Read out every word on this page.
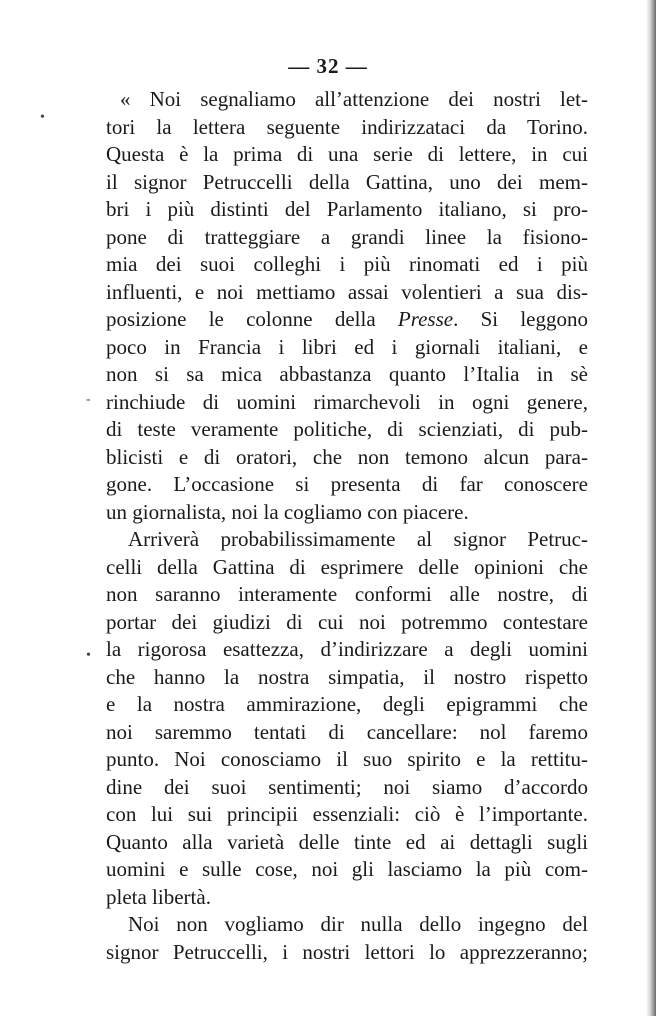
— 32 —
« Noi segnaliamo all’attenzione dei nostri let-
tori la lettera seguente indirizzataci da Torino.
Questa è la prima di una serie di lettere, in cui
il signor Petruccelli della Gattina, uno dei mem-
bri i più distinti del Parlamento italiano, si pro-
pone di tratteggiare a grandi linee la fisiono-
mia dei suoi colleghi i più rinomati ed i più
influenti, e noi mettiamo assai volentieri a sua dis-
posizione le colonne della Presse. Si leggono
poco in Francia i libri ed i giornali italiani, e
non si sa mica abbastanza quanto l’Italia in sè
rinchiude di uomini rimarchevoli in ogni genere,
di teste veramente politiche, di scienziati, di pub-
blicisti e di oratori, che non temono alcun para-
gone. L’occasione si presenta di far conoscere
un giornalista, noi la cogliamo con piacere.
Arriverà probabilissimamente al signor Petruc-
celli della Gattina di esprimere delle opinioni che
non saranno interamente conformi alle nostre, di
portar dei giudizi di cui noi potremmo contestare
la rigorosa esattezza, d’indirizzare a degli uomini
che hanno la nostra simpatia, il nostro rispetto
e la nostra ammirazione, degli epigrammi che
noi saremmo tentati di cancellare: nol faremo
punto. Noi conosciamo il suo spirito e la rettitu-
dine dei suoi sentimenti; noi siamo d’accordo
con lui sui principii essenziali: ciò è l’importante.
Quanto alla varietà delle tinte ed ai dettagli sugli
uomini e sulle cose, noi gli lasciamo la più com-
pleta libertà.
Noi non vogliamo dir nulla dello ingegno del
signor Petruccelli, i nostri lettori lo apprezzeranno;
•
-
•
